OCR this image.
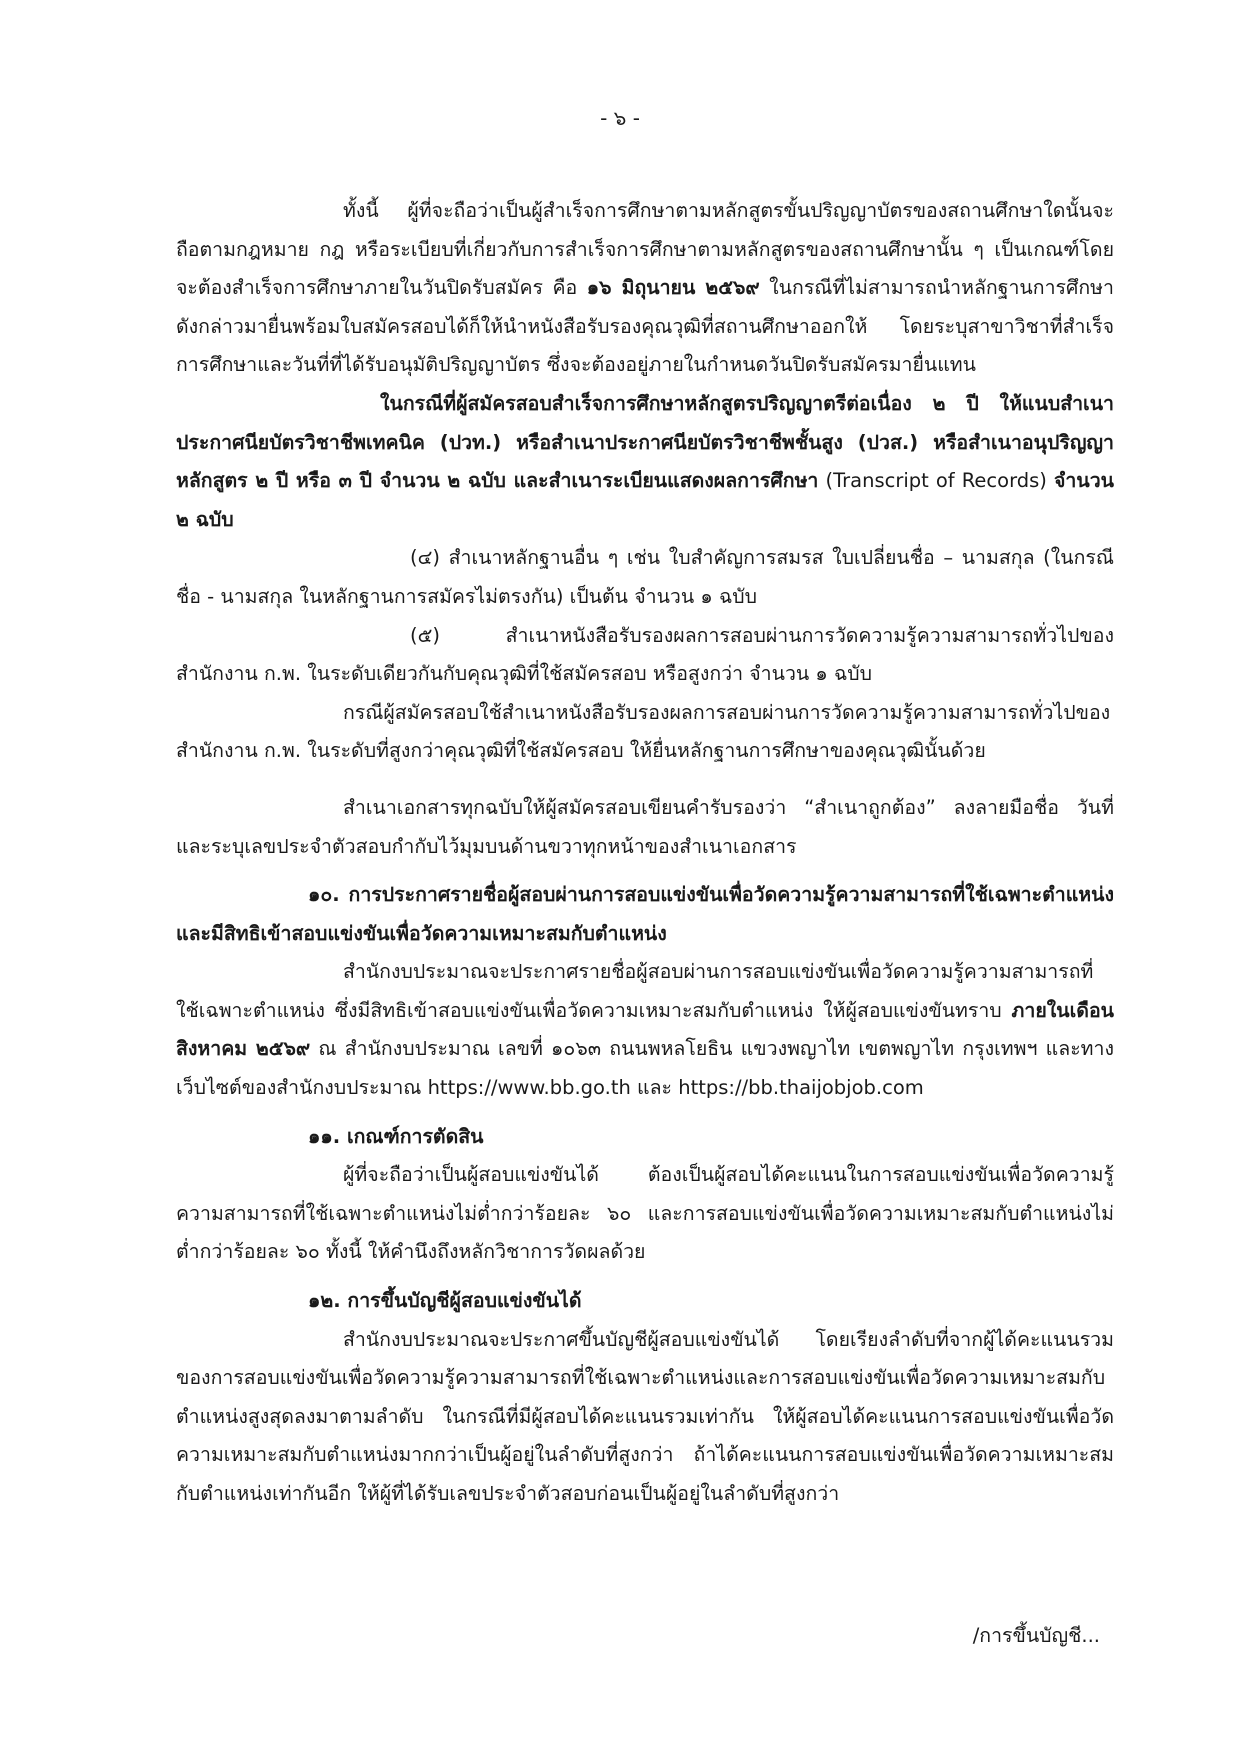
- ๖ -

ทั้งนี้ ผู้ที่จะถือว่าเป็นผู้สำเร็จการศึกษาตามหลักสูตรขั้นปริญญาบัตรของสถานศึกษาใดนั้นจะถือตามกฎหมาย กฎ หรือระเบียบที่เกี่ยวกับการสำเร็จการศึกษาตามหลักสูตรของสถานศึกษานั้น ๆ เป็นเกณฑ์โดยจะต้องสำเร็จการศึกษาภายในวันปิดรับสมัคร คือ ๑๖ มิถุนายน ๒๕๖๙ ในกรณีที่ไม่สามารถนำหลักฐานการศึกษาดังกล่าวมายื่นพร้อมใบสมัครสอบได้ก็ให้นำหนังสือรับรองคุณวุฒิที่สถานศึกษาออกให้ โดยระบุสาขาวิชาที่สำเร็จการศึกษาและวันที่ที่ได้รับอนุมัติปริญญาบัตร ซึ่งจะต้องอยู่ภายในกำหนดวันปิดรับสมัครมายื่นแทน

ในกรณีที่ผู้สมัครสอบสำเร็จการศึกษาหลักสูตรปริญญาตรีต่อเนื่อง ๒ ปี ให้แนบสำเนาประกาศนียบัตรวิชาชีพเทคนิค (ปวท.) หรือสำเนาประกาศนียบัตรวิชาชีพชั้นสูง (ปวส.) หรือสำเนาอนุปริญญาหลักสูตร ๒ ปี หรือ ๓ ปี จำนวน ๒ ฉบับ และสำเนาระเบียนแสดงผลการศึกษา (Transcript of Records) จำนวน ๒ ฉบับ

(๔) สำเนาหลักฐานอื่น ๆ เช่น ใบสำคัญการสมรส ใบเปลี่ยนชื่อ – นามสกุล (ในกรณีชื่อ - นามสกุล ในหลักฐานการสมัครไม่ตรงกัน) เป็นต้น จำนวน ๑ ฉบับ

(๕) สำเนาหนังสือรับรองผลการสอบผ่านการวัดความรู้ความสามารถทั่วไปของสำนักงาน ก.พ. ในระดับเดียวกันกับคุณวุฒิที่ใช้สมัครสอบ หรือสูงกว่า จำนวน ๑ ฉบับ

กรณีผู้สมัครสอบใช้สำเนาหนังสือรับรองผลการสอบผ่านการวัดความรู้ความสามารถทั่วไปของสำนักงาน ก.พ. ในระดับที่สูงกว่าคุณวุฒิที่ใช้สมัครสอบ ให้ยื่นหลักฐานการศึกษาของคุณวุฒินั้นด้วย

สำเนาเอกสารทุกฉบับให้ผู้สมัครสอบเขียนคำรับรองว่า “สำเนาถูกต้อง” ลงลายมือชื่อ วันที่ และระบุเลขประจำตัวสอบกำกับไว้มุมบนด้านขวาทุกหน้าของสำเนาเอกสาร

๑๐. การประกาศรายชื่อผู้สอบผ่านการสอบแข่งขันเพื่อวัดความรู้ความสามารถที่ใช้เฉพาะตำแหน่ง และมีสิทธิเข้าสอบแข่งขันเพื่อวัดความเหมาะสมกับตำแหน่ง

สำนักงบประมาณจะประกาศรายชื่อผู้สอบผ่านการสอบแข่งขันเพื่อวัดความรู้ความสามารถที่ใช้เฉพาะตำแหน่ง ซึ่งมีสิทธิเข้าสอบแข่งขันเพื่อวัดความเหมาะสมกับตำแหน่ง ให้ผู้สอบแข่งขันทราบ ภายในเดือนสิงหาคม ๒๕๖๙ ณ สำนักงบประมาณ เลขที่ ๑๐๖๓ ถนนพหลโยธิน แขวงพญาไท เขตพญาไท กรุงเทพฯ และทางเว็บไซต์ของสำนักงบประมาณ https://www.bb.go.th และ https://bb.thaijobjob.com

๑๑. เกณฑ์การตัดสิน

ผู้ที่จะถือว่าเป็นผู้สอบแข่งขันได้ ต้องเป็นผู้สอบได้คะแนนในการสอบแข่งขันเพื่อวัดความรู้ความสามารถที่ใช้เฉพาะตำแหน่งไม่ต่ำกว่าร้อยละ ๖๐ และการสอบแข่งขันเพื่อวัดความเหมาะสมกับตำแหน่งไม่ต่ำกว่าร้อยละ ๖๐ ทั้งนี้ ให้คำนึงถึงหลักวิชาการวัดผลด้วย

๑๒. การขึ้นบัญชีผู้สอบแข่งขันได้

สำนักงบประมาณจะประกาศขึ้นบัญชีผู้สอบแข่งขันได้ โดยเรียงลำดับที่จากผู้ได้คะแนนรวมของการสอบแข่งขันเพื่อวัดความรู้ความสามารถที่ใช้เฉพาะตำแหน่งและการสอบแข่งขันเพื่อวัดความเหมาะสมกับตำแหน่งสูงสุดลงมาตามลำดับ ในกรณีที่มีผู้สอบได้คะแนนรวมเท่ากัน ให้ผู้สอบได้คะแนนการสอบแข่งขันเพื่อวัดความเหมาะสมกับตำแหน่งมากกว่าเป็นผู้อยู่ในลำดับที่สูงกว่า ถ้าได้คะแนนการสอบแข่งขันเพื่อวัดความเหมาะสมกับตำแหน่งเท่ากันอีก ให้ผู้ที่ได้รับเลขประจำตัวสอบก่อนเป็นผู้อยู่ในลำดับที่สูงกว่า

/การขึ้นบัญชี...
